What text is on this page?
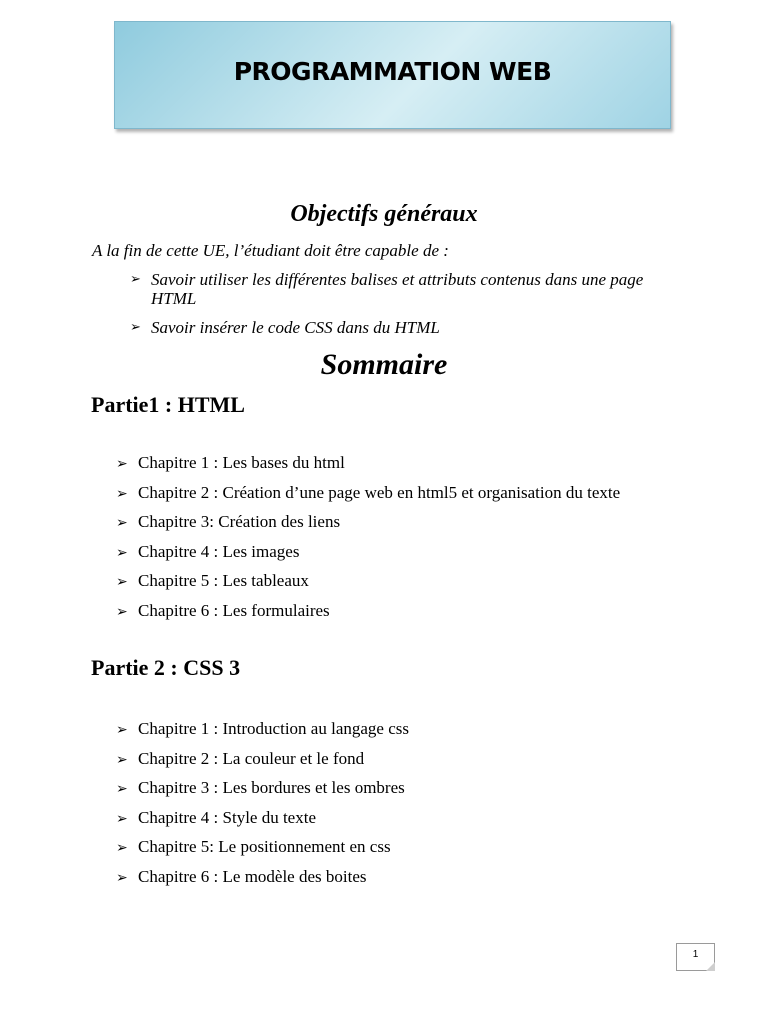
PROGRAMMATION WEB
Objectifs généraux
A la fin de cette UE, l’étudiant doit être capable de :
➢ Savoir utiliser les différentes balises et attributs contenus dans une page HTML
➢ Savoir insérer le code CSS dans du HTML
Sommaire
Partie1 : HTML
➢ Chapitre 1 : Les bases du html
➢ Chapitre 2 : Création d’une page web en html5 et organisation du texte
➢ Chapitre 3: Création des liens
➢ Chapitre 4 : Les images
➢ Chapitre 5 : Les tableaux
➢ Chapitre 6 : Les formulaires
Partie 2 : CSS 3
➢ Chapitre 1 : Introduction au langage css
➢ Chapitre 2 : La couleur et le fond
➢ Chapitre 3 : Les bordures et les ombres
➢ Chapitre 4 : Style du texte
➢ Chapitre 5: Le positionnement en css
➢ Chapitre 6 : Le modèle des boites
1
